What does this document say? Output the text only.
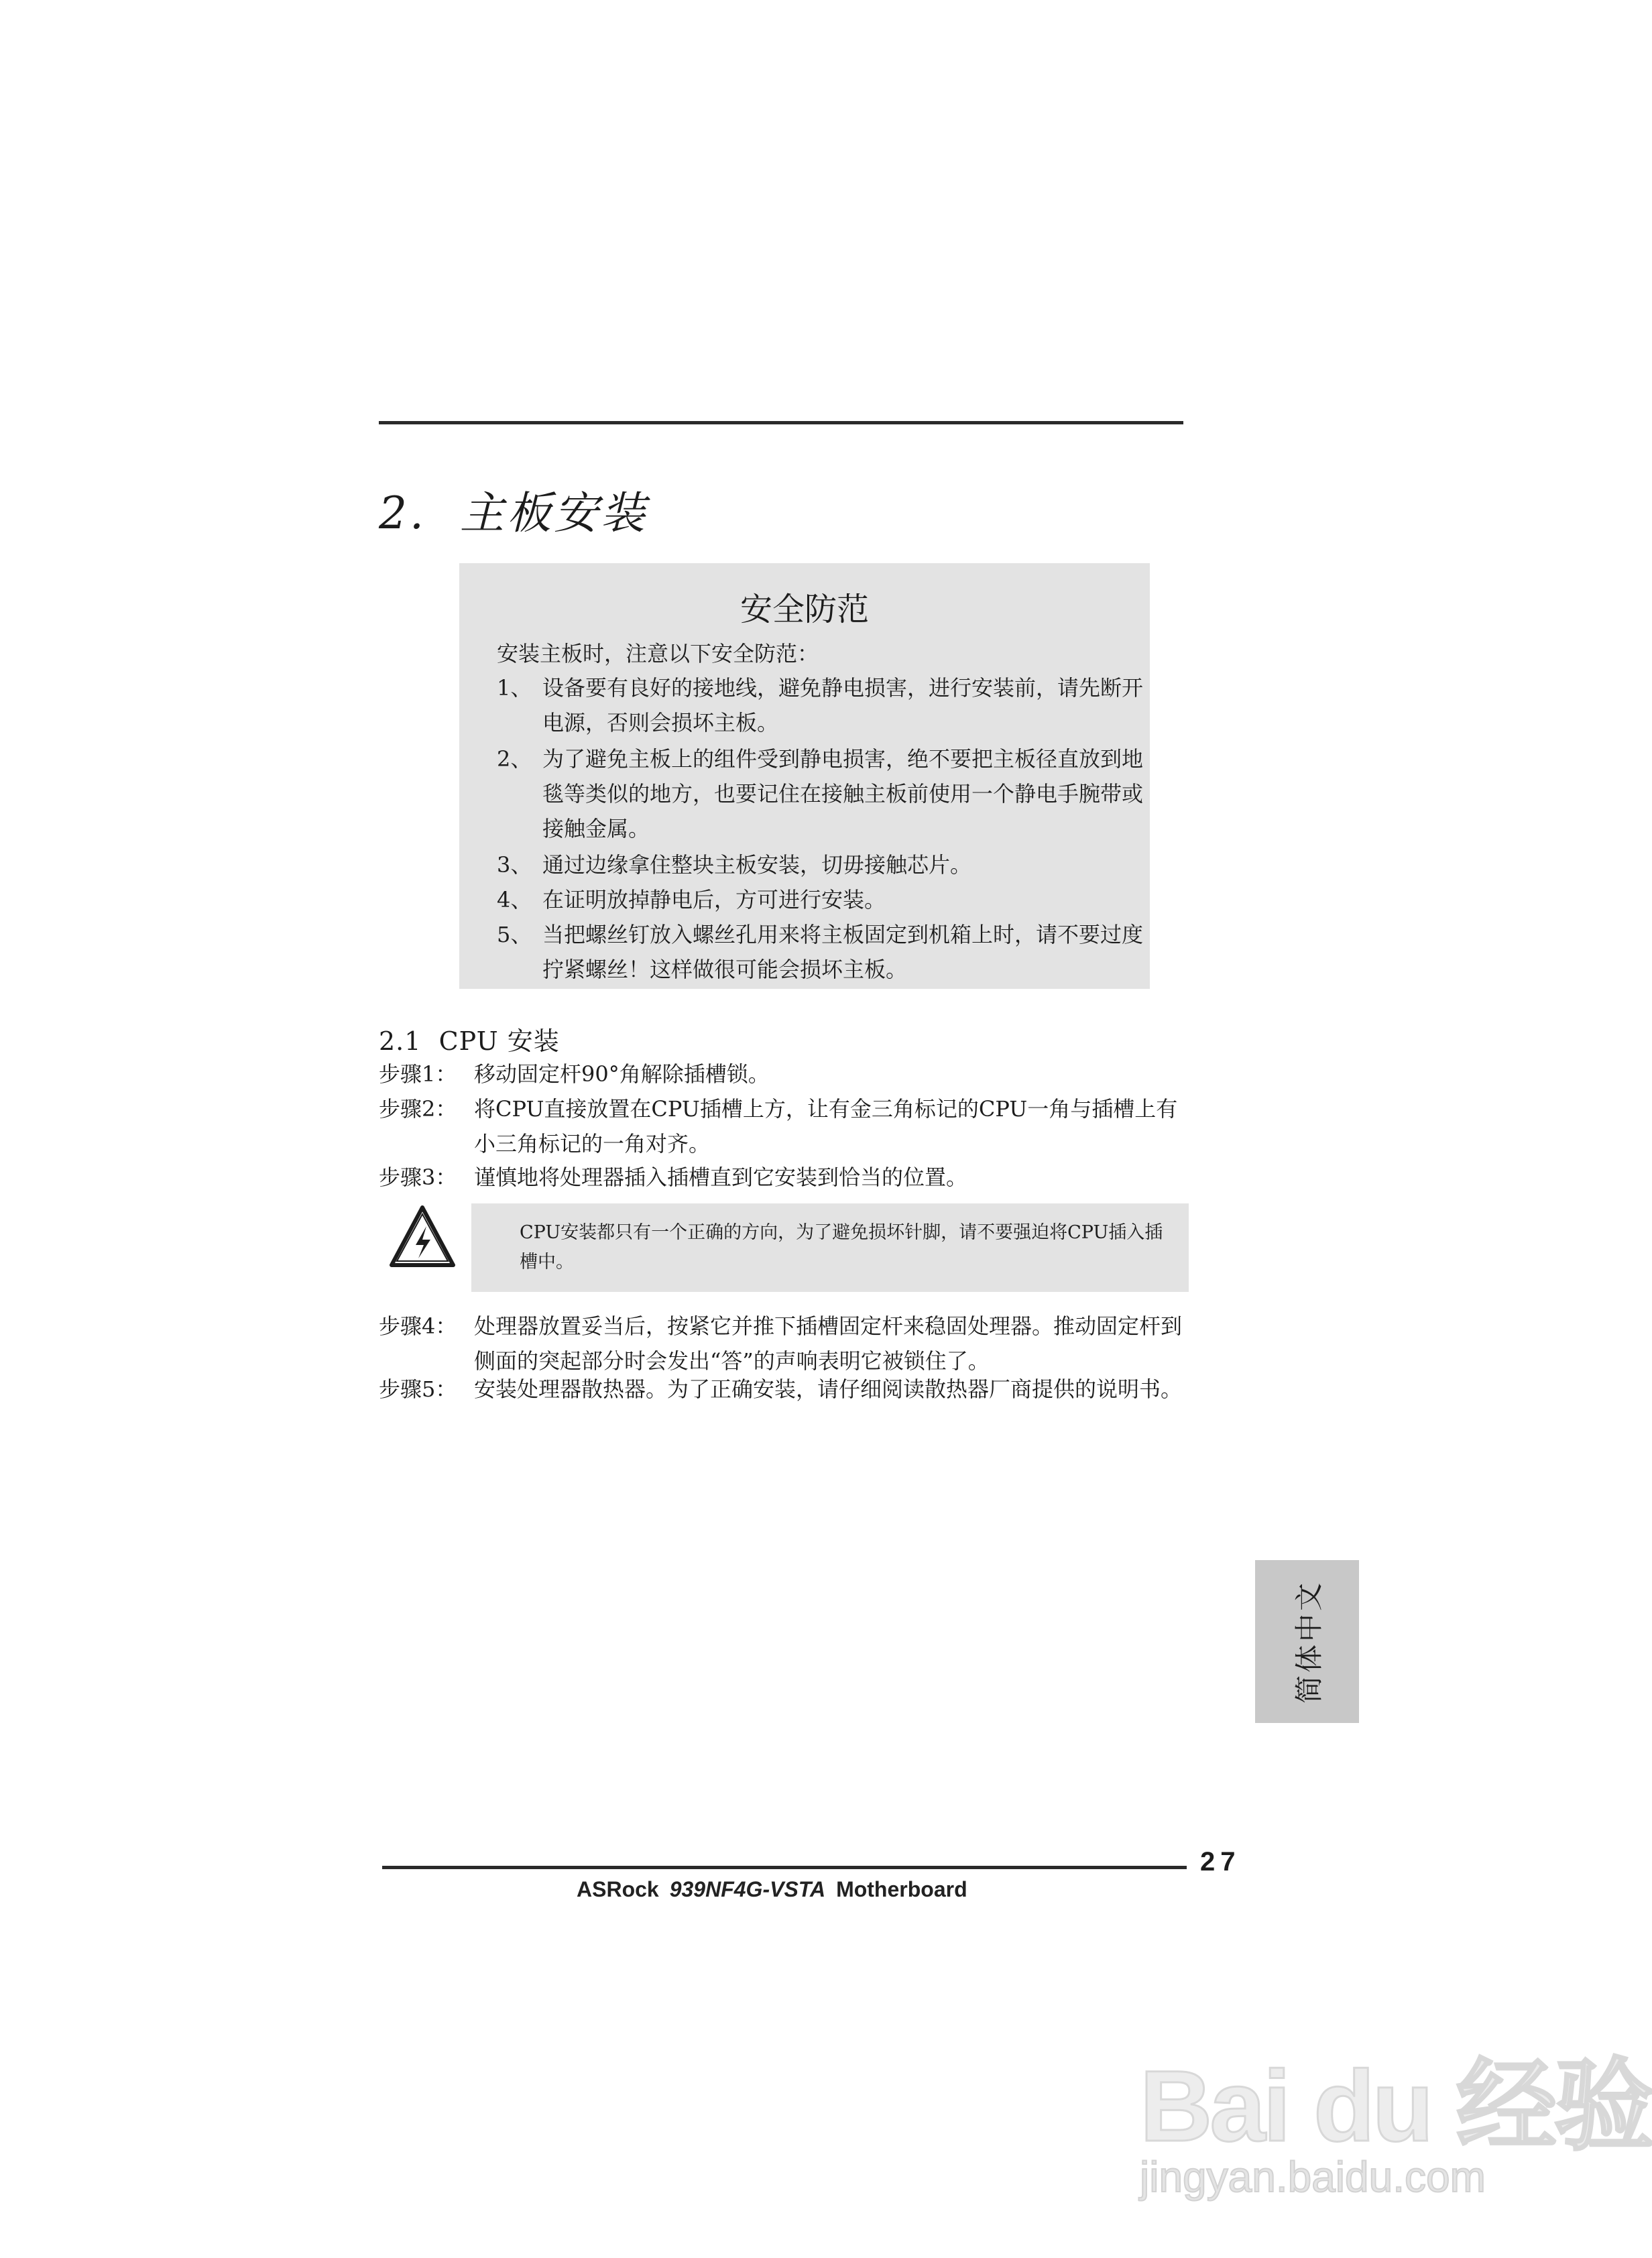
2. 主板安装
安全防范
安装主板时，注意以下安全防范：
1、 设备要有良好的接地线，避免静电损害，进行安装前，请先断开电源，否则会损坏主板。
2、 为了避免主板上的组件受到静电损害，绝不要把主板径直放到地毯等类似的地方，也要记住在接触主板前使用一个静电手腕带或接触金属。
3、 通过边缘拿住整块主板安装，切毋接触芯片。
4、 在证明放掉静电后，方可进行安装。
5、 当把螺丝钉放入螺丝孔用来将主板固定到机箱上时，请不要过度拧紧螺丝！这样做很可能会损坏主板。
2.1 CPU 安装
步骤1： 移动固定杆90°角解除插槽锁。
步骤2： 将CPU直接放置在CPU插槽上方，让有金三角标记的CPU一角与插槽上有小三角标记的一角对齐。
步骤3： 谨慎地将处理器插入插槽直到它安装到恰当的位置。
CPU安装都只有一个正确的方向，为了避免损坏针脚，请不要强迫将CPU插入插槽中。
步骤4： 处理器放置妥当后，按紧它并推下插槽固定杆来稳固处理器。推动固定杆到侧面的突起部分时会发出“答”的声响表明它被锁住了。
步骤5： 安装处理器散热器。为了正确安装，请仔细阅读散热器厂商提供的说明书。
简体中文
27
ASRock 939NF4G-VSTA Motherboard
Bai du 经验
jingyan.baidu.com
